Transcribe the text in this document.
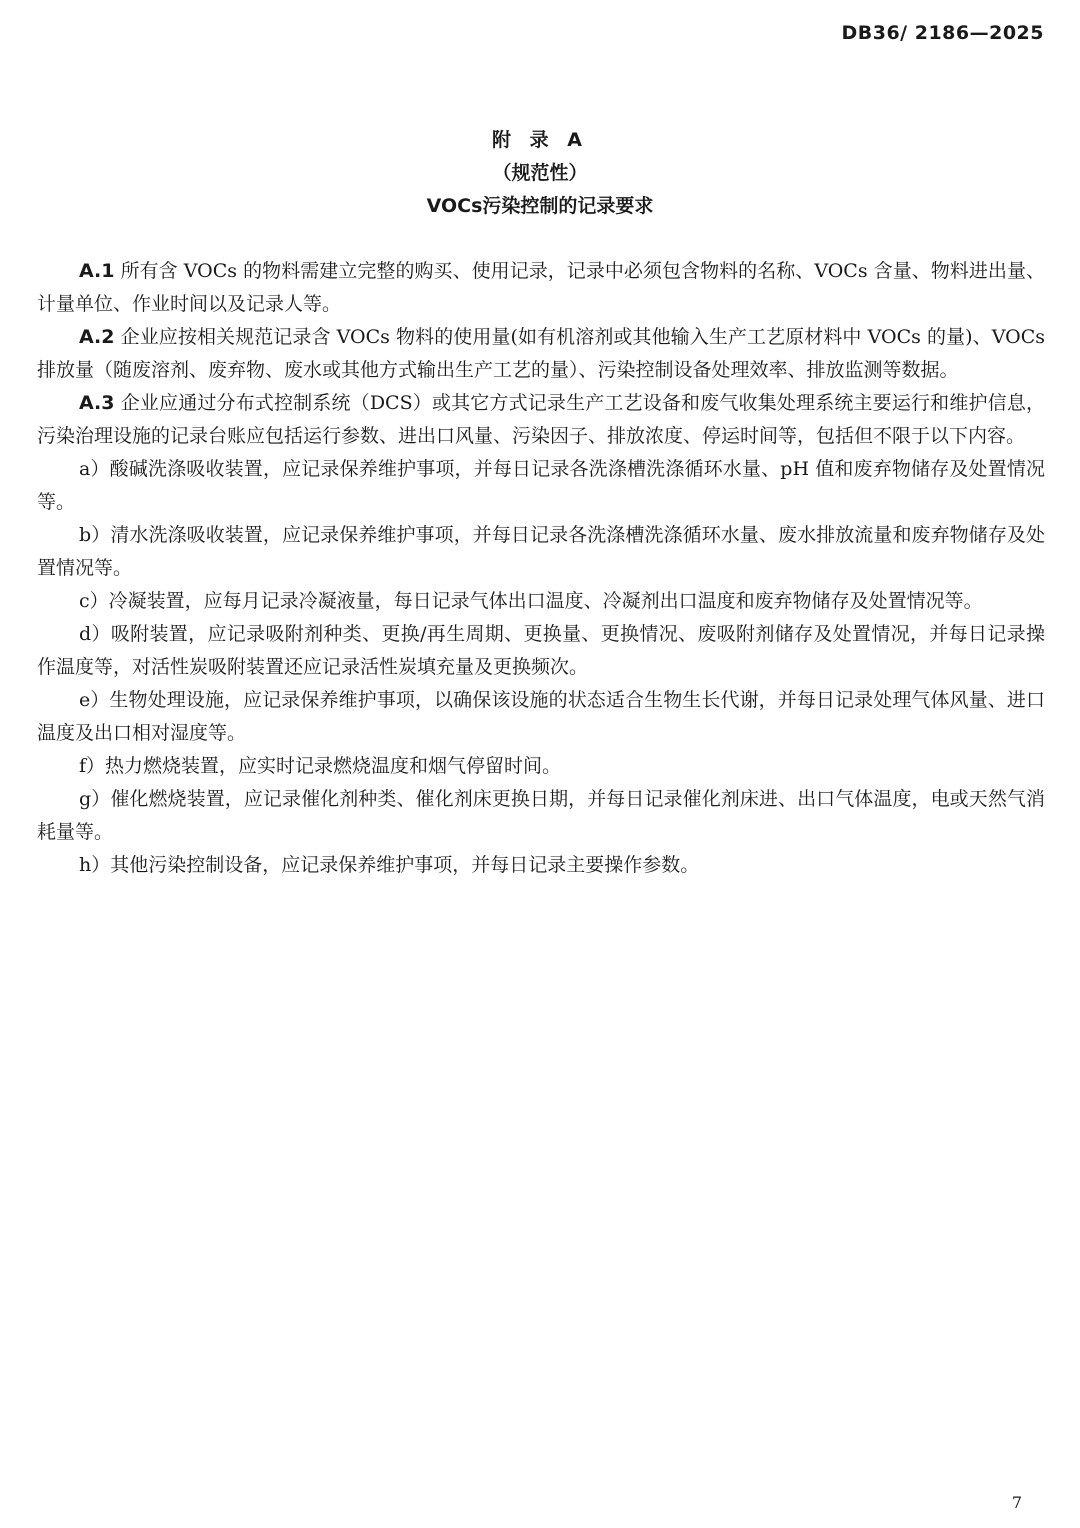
DB36/ 2186—2025
附 录 A
（规范性）
VOCs污染控制的记录要求

A.1 所有含 VOCs 的物料需建立完整的购买、使用记录，记录中必须包含物料的名称、VOCs 含量、物料进出量、计量单位、作业时间以及记录人等。

A.2 企业应按相关规范记录含 VOCs 物料的使用量(如有机溶剂或其他输入生产工艺原材料中 VOCs 的量)、VOCs 排放量（随废溶剂、废弃物、废水或其他方式输出生产工艺的量）、污染控制设备处理效率、排放监测等数据。

A.3 企业应通过分布式控制系统（DCS）或其它方式记录生产工艺设备和废气收集处理系统主要运行和维护信息，污染治理设施的记录台账应包括运行参数、进出口风量、污染因子、排放浓度、停运时间等，包括但不限于以下内容。

a）酸碱洗涤吸收装置，应记录保养维护事项，并每日记录各洗涤槽洗涤循环水量、pH 值和废弃物储存及处置情况等。

b）清水洗涤吸收装置，应记录保养维护事项，并每日记录各洗涤槽洗涤循环水量、废水排放流量和废弃物储存及处置情况等。

c）冷凝装置，应每月记录冷凝液量，每日记录气体出口温度、冷凝剂出口温度和废弃物储存及处置情况等。

d）吸附装置，应记录吸附剂种类、更换/再生周期、更换量、更换情况、废吸附剂储存及处置情况，并每日记录操作温度等，对活性炭吸附装置还应记录活性炭填充量及更换频次。

e）生物处理设施，应记录保养维护事项，以确保该设施的状态适合生物生长代谢，并每日记录处理气体风量、进口温度及出口相对湿度等。

f）热力燃烧装置，应实时记录燃烧温度和烟气停留时间。

g）催化燃烧装置，应记录催化剂种类、催化剂床更换日期，并每日记录催化剂床进、出口气体温度，电或天然气消耗量等。

h）其他污染控制设备，应记录保养维护事项，并每日记录主要操作参数。

7
